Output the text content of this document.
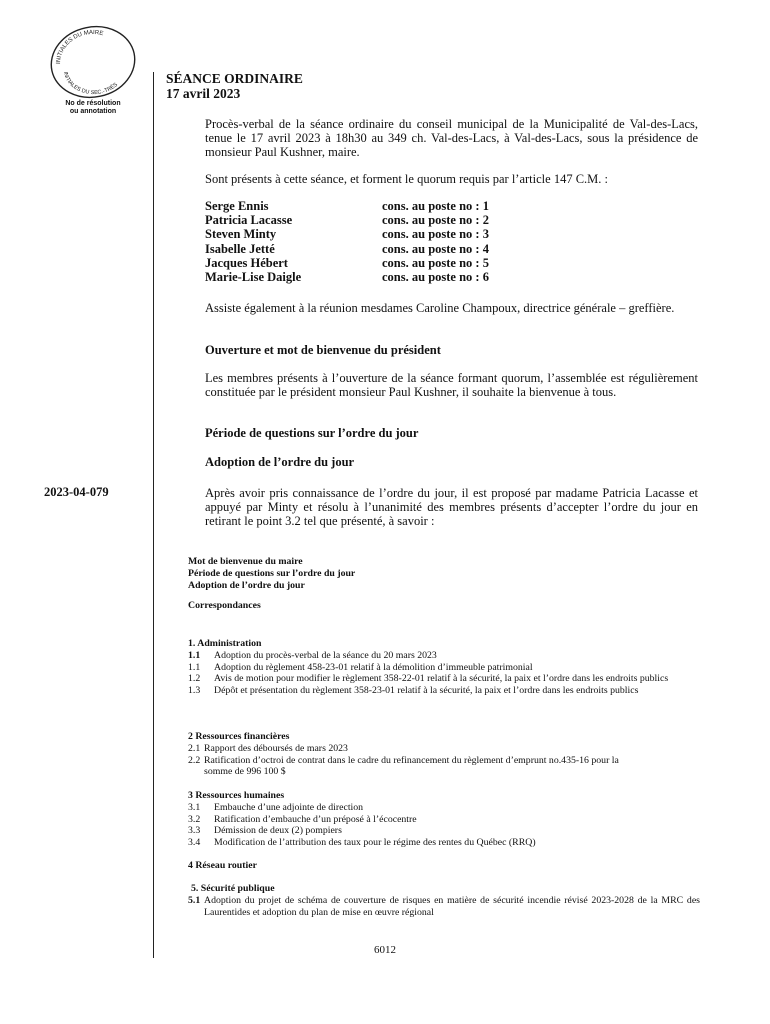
INITIALES DU MAIRE
INITIALES DU SEC.-TRÉS
No de résolution
ou annotation
SÉANCE ORDINAIRE
17 avril 2023
Procès-verbal de la séance ordinaire du conseil municipal de la Municipalité de Val-des-Lacs, tenue le 17 avril 2023 à 18h30 au 349 ch. Val-des-Lacs, à Val-des-Lacs, sous la présidence de monsieur Paul Kushner, maire.
Sont présents à cette séance, et forment le quorum requis par l’article 147 C.M. :
Serge Ennis	cons. au poste no : 1
Patricia Lacasse	cons. au poste no : 2
Steven Minty	cons. au poste no : 3
Isabelle Jetté	cons. au poste no : 4
Jacques Hébert	cons. au poste no : 5
Marie-Lise Daigle	cons. au poste no : 6
Assiste également à la réunion mesdames Caroline Champoux, directrice générale – greffière.
Ouverture et mot de bienvenue du président
Les membres présents à l’ouverture de la séance formant quorum, l’assemblée est régulièrement constituée par le président monsieur Paul Kushner, il souhaite la bienvenue à tous.
Période de questions sur l’ordre du jour
Adoption de l’ordre du jour
2023-04-079	Après avoir pris connaissance de l’ordre du jour, il est proposé par madame Patricia Lacasse et appuyé par Minty et résolu à l’unanimité des membres présents d’accepter l’ordre du jour en retirant le point 3.2 tel que présenté, à savoir :
Mot de bienvenue du maire
Période de questions sur l’ordre du jour
Adoption de l’ordre du jour
Correspondances
1. Administration
1.1	Adoption du procès-verbal de la séance du 20 mars 2023
1.1	Adoption du règlement 458-23-01 relatif à la démolition d’immeuble patrimonial
1.2	Avis de motion pour modifier le règlement 358-22-01 relatif à la sécurité, la paix et l’ordre dans les endroits publics
1.3	Dépôt et présentation du règlement 358-23-01 relatif à la sécurité, la paix et l’ordre dans les endroits publics
2 Ressources financières
2.1 Rapport des déboursés de mars 2023
2.2 Ratification d’octroi de contrat dans le cadre du refinancement du règlement d’emprunt no.435-16 pour la somme de 996 100 $
3 Ressources humaines
3.1	Embauche d’une adjointe de direction
3.2	Ratification d’embauche d’un préposé à l’écocentre
3.3	Démission de deux (2) pompiers
3.4	Modification de l’attribution des taux pour le régime des rentes du Québec (RRQ)
4 Réseau routier
5. Sécurité publique
5.1 Adoption du projet de schéma de couverture de risques en matière de sécurité incendie révisé 2023-2028 de la MRC des Laurentides et adoption du plan de mise en œuvre régional
6012
